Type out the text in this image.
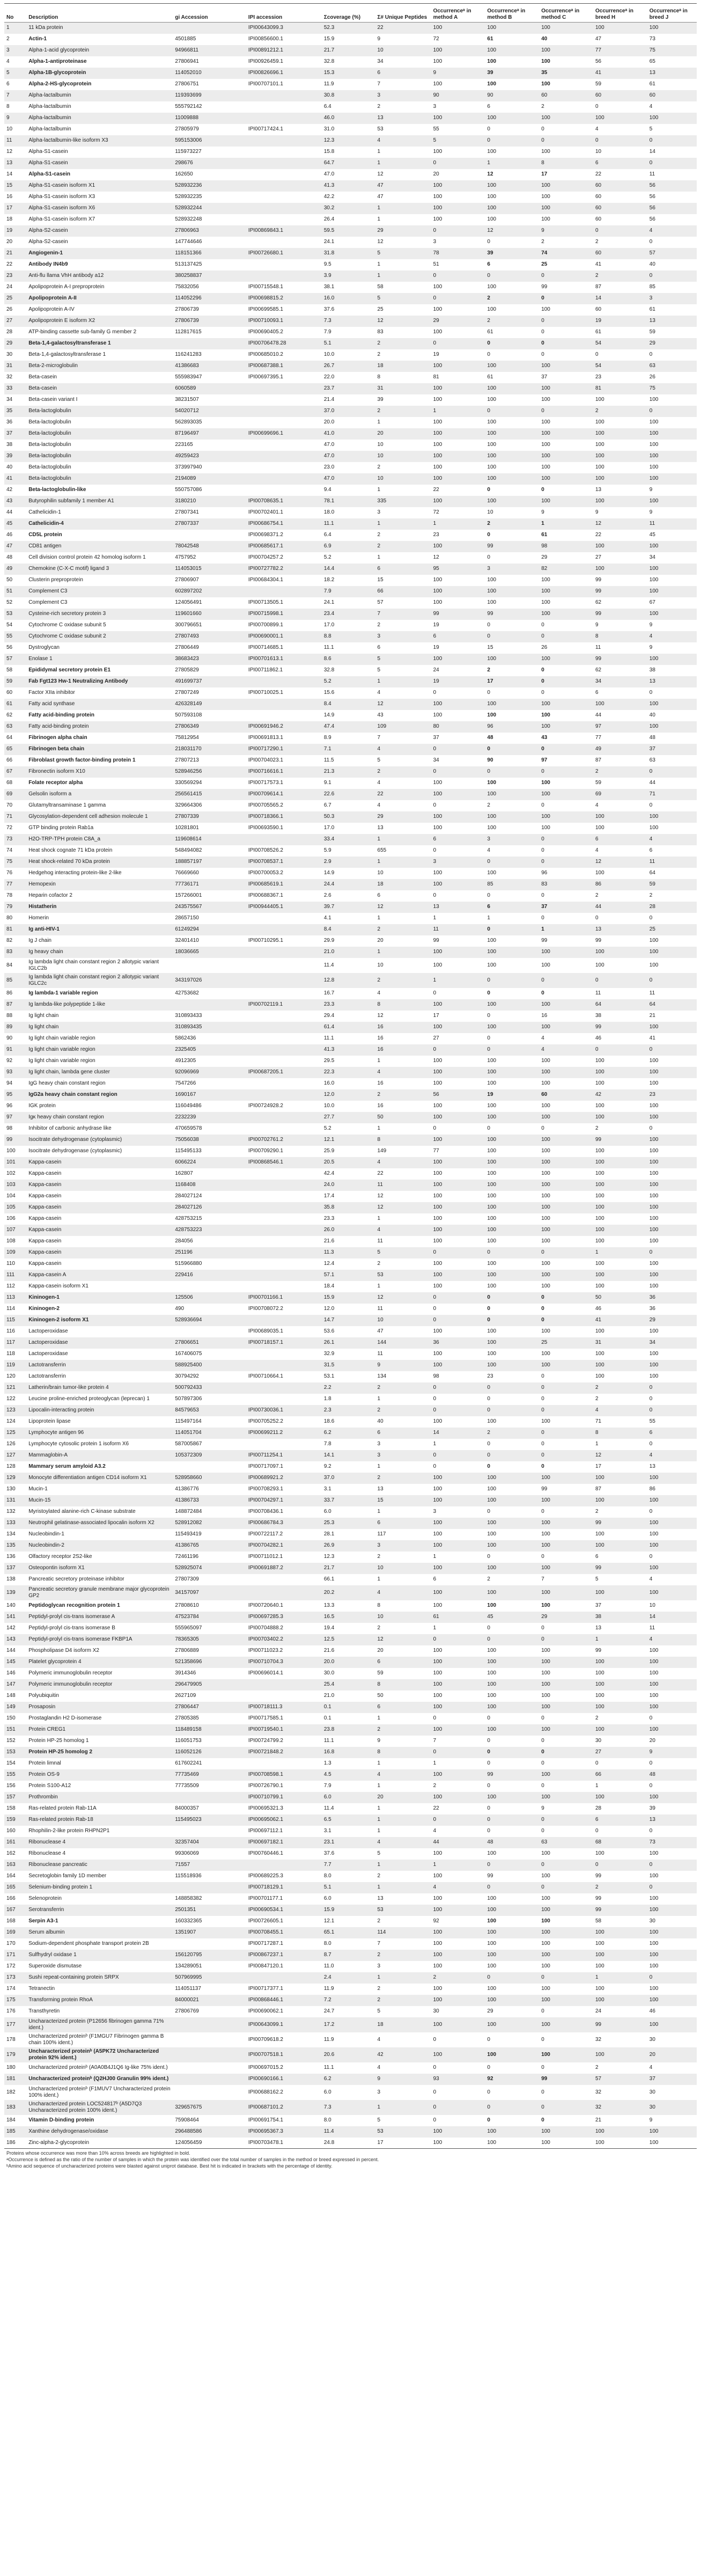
No	Description	gi Accession	IPI accession	Σcoverage (%)	Σ# Unique Peptides	Occurrenceᵃ in method A	Occurrenceᵃ in method B	Occurrenceᵃ in method C	Occurrenceᵃ in breed H	Occurrenceᵃ in breed J
1	11 kDa protein		IPI00643099.3	52.3	22	100	100	100	100	100
2	Actin-1	4501885	IPI00856600.1	15.9	9	72	61	40	47	73
3	Alpha-1-acid glycoprotein	94966811	IPI00891212.1	21.7	10	100	100	100	77	75
4	Alpha-1-antiproteinase	27806941	IPI00926459.1	32.8	34	100	100	100	56	65
5	Alpha-1B-glycoprotein	114052010	IPI00826696.1	15.3	6	9	39	35	41	13
6	Alpha-2-HS-glycoprotein	27806751	IPI00707101.1	11.9	7	100	100	100	59	61
7	Alpha-lactalbumin	119393699		30.8	3	90	90	60	60	60
8	Alpha-lactalbumin	555792142		6.4	2	3	6	2	0	4
9	Alpha-lactalbumin	11009888		46.0	13	100	100	100	100	100
10	Alpha-lactalbumin	27805979	IPI00717424.1	31.0	53	55	0	0	4	5
11	Alpha-lactalbumin-like isoform X3	595153006		12.3	4	5	0	0	0	0
12	Alpha-S1-casein	115973227		15.8	1	100	100	100	10	14
13	Alpha-S1-casein	298676		64.7	1	0	1	8	6	0
14	Alpha-S1-casein	162650		47.0	12	20	12	17	22	11
15	Alpha-S1-casein isoform X1	528932236		41.3	47	100	100	100	60	56
16	Alpha-S1-casein isoform X3	528932235		42.2	47	100	100	100	60	56
17	Alpha-S1-casein isoform X6	528932244		30.2	1	100	100	100	60	56
18	Alpha-S1-casein isoform X7	528932248		26.4	1	100	100	100	60	56
19	Alpha-S2-casein	27806963	IPI00869843.1	59.5	29	0	12	9	0	4
20	Alpha-S2-casein	147744646		24.1	12	3	0	2	2	0
21	Angiogenin-1	118151366	IPI00726680.1	31.8	5	78	39	74	60	57
22	Antibody IN4b9	513137425		9.5	1	51	6	25	41	40
23	Anti-flu llama VhH antibody a12	380258837		3.9	1	0	0	0	2	0
24	Apolipoprotein A-I preproprotein	75832056	IPI00715548.1	38.1	58	100	100	99	87	85
25	Apolipoprotein A-II	114052296	IPI00698815.2	16.0	5	0	2	0	14	3
26	Apolipoprotein A-IV	27806739	IPI00699585.1	37.6	25	100	100	100	60	61
27	Apolipoprotein E isoform X2	27806739	IPI00710093.1	7.3	12	29	2	0	19	13
28	ATP-binding cassette sub-family G member 2	112817615	IPI00690405.2	7.9	83	100	61	0	61	59
29	Beta-1,4-galactosyltransferase 1		IPI00706478.28	5.1	2	0	0	0	54	29
30	Beta-1,4-galactosyltransferase 1	116241283	IPI00685010.2	10.0	2	19	0	0	0	0
31	Beta-2-microglobulin	41386683	IPI00687388.1	26.7	18	100	100	100	54	63
32	Beta-casein	555983947	IPI00697395.1	22.0	8	81	61	37	23	26
33	Beta-casein	6060589		23.7	31	100	100	100	81	75
34	Beta-casein variant I	38231507		21.4	39	100	100	100	100	100
35	Beta-lactoglobulin	54020712		37.0	2	1	0	0	2	0
36	Beta-lactoglobulin	562893035		20.0	1	100	100	100	100	100
37	Beta-lactoglobulin	87196497	IPI00699696.1	41.0	20	100	100	100	100	100
38	Beta-lactoglobulin	223165		47.0	10	100	100	100	100	100
39	Beta-lactoglobulin	49259423		47.0	10	100	100	100	100	100
40	Beta-lactoglobulin	373997940		23.0	2	100	100	100	100	100
41	Beta-lactoglobulin	2194089		47.0	10	100	100	100	100	100
42	Beta-lactoglobulin-like	550757086		9.4	1	22	0	0	13	9
43	Butyrophilin subfamily 1 member A1	3180210	IPI00708635.1	78.1	335	100	100	100	100	100
44	Cathelicidin-1	27807341	IPI00702401.1	18.0	3	72	10	9	9	9
45	Cathelicidin-4	27807337	IPI00686754.1	11.1	1	1	2	1	12	11
46	CD5L protein		IPI00698371.2	6.4	2	23	0	61	22	45
47	CD81 antigen	78042548	IPI00685617.1	6.9	2	100	99	98	100	100
48	Cell division control protein 42 homolog isoform 1	4757952	IPI00704257.2	5.2	1	12	0	29	27	34
49	Chemokine (C-X-C motif) ligand 3	114053015	IPI00727782.2	14.4	6	95	3	82	100	100
50	Clusterin preproprotein	27806907	IPI00684304.1	18.2	15	100	100	100	99	100
51	Complement C3	602897202		7.9	66	100	100	100	99	100
52	Complement C3	124056491	IPI00713505.1	24.1	57	100	100	100	62	67
53	Cysteine-rich secretory protein 3	119601660	IPI00715998.1	23.4	7	99	99	100	99	100
54	Cytochrome C oxidase subunit 5	300796651	IPI00700899.1	17.0	2	19	0	0	9	9
55	Cytochrome C oxidase subunit 2	27807493	IPI00690001.1	8.8	3	6	0	0	8	4
56	Dystroglycan	27806449	IPI00714685.1	11.1	6	19	15	26	11	9
57	Enolase 1	38683423	IPI00701613.1	8.6	5	100	100	100	99	100
58	Epididymal secretory protein E1	27805829	IPI00711862.1	32.8	5	24	2	0	62	38
59	Fab Fgt123 Hw-1 Neutralizing Antibody	491699737		5.2	1	19	17	0	34	13
60	Factor XIIa inhibitor	27807249	IPI00710025.1	15.6	4	0	0	0	6	0
61	Fatty acid synthase	426328149		8.4	12	100	100	100	100	100
62	Fatty acid-binding protein	507593108		14.9	43	100	100	100	44	40
63	Fatty acid-binding protein	27806349	IPI00691946.2	47.4	109	80	96	100	97	100
64	Fibrinogen alpha chain	75812954	IPI00691813.1	8.9	7	37	48	43	77	48
65	Fibrinogen beta chain	218031170	IPI00717290.1	7.1	4	0	0	0	49	37
66	Fibroblast growth factor-binding protein 1	27807213	IPI00704023.1	11.5	5	34	90	97	87	63
67	Fibronectin isoform X10	528946256	IPI00716616.1	21.3	2	0	0	0	2	0
68	Folate receptor alpha	330569294	IPI00717573.1	9.1	4	100	100	100	59	44
69	Gelsolin isoform a	256561415	IPI00709614.1	22.6	22	100	100	100	69	71
70	Glutamyltransaminase 1 gamma	329664306	IPI00705565.2	6.7	4	0	2	0	4	0
71	Glycosylation-dependent cell adhesion molecule 1	27807339	IPI00718366.1	50.3	29	100	100	100	100	100
72	GTP binding protein Rab1a	10281801	IPI00693590.1	17.0	13	100	100	100	100	100
73	H2O-TRP-TPH protein C8A_a	119608614		33.4	1	6	3	0	6	4
74	Heat shock cognate 71 kDa protein	548494082	IPI00708526.2	5.9	655	0	4	0	4	6
75	Heat shock-related 70 kDa protein	188857197	IPI00708537.1	2.9	1	3	0	0	12	11
76	Hedgehog interacting protein-like 2-like	76669660	IPI00700053.2	14.9	10	100	100	96	100	64
77	Hemopexin	77736171	IPI00685619.1	24.4	18	100	85	83	86	59
78	Heparin cofactor 2	157266001	IPI00688367.1	2.6	6	0	0	0	2	2
79	Histatherin	243575567	IPI00944405.1	39.7	12	13	6	37	44	28
80	Homerin	28657150		4.1	1	1	1	0	0	0
81	Ig anti-HIV-1	61249294		8.4	2	11	0	1	13	25
82	Ig J chain	32401410	IPI00710295.1	29.9	20	99	100	99	99	100
83	Ig heavy chain	18036665		21.0	1	100	100	100	100	100
84	Ig lambda light chain constant region 2 allotypic variant IGLC2b			11.4	10	100	100	100	100	100
85	Ig lambda light chain constant region 2 allotypic variant IGLC2c	343197026		12.8	2	1	0	0	0	0
86	Ig lambda-1 variable region	42753682		16.7	4	0	0	0	11	11
87	Ig lambda-like polypeptide 1-like		IPI00702119.1	23.3	8	100	100	100	64	64
88	Ig light chain	310893433		29.4	12	17	0	16	38	21
89	Ig light chain	310893435		61.4	16	100	100	100	99	100
90	Ig light chain variable region	5862436		11.1	16	27	0	4	46	41
91	Ig light chain variable region	2325405		41.3	16	0	0	4	0	0
92	Ig light chain variable region	4912305		29.5	1	100	100	100	100	100
93	Ig light chain, lambda gene cluster	92096969	IPI00687205.1	22.3	4	100	100	100	100	100
94	IgG heavy chain constant region	7547266		16.0	16	100	100	100	100	100
95	IgG2a heavy chain constant region	1690167		12.0	2	56	19	60	42	23
96	IGK protein	116049486	IPI00724928.2	10.0	16	100	100	100	100	100
97	Igκ heavy chain constant region	2232239		27.7	50	100	100	100	100	100
98	Inhibitor of carbonic anhydrase like	470659578		5.2	1	0	0	0	2	0
99	Isocitrate dehydrogenase (cytoplasmic)	75056038	IPI00702761.2	12.1	8	100	100	100	99	100
100	Isocitrate dehydrogenase (cytoplasmic)	115495133	IPI00709290.1	25.9	149	77	100	100	100	100
101	Kappa-casein	6066224	IPI00868546.1	20.5	4	100	100	100	100	100
102	Kappa-casein	162807		42.4	22	100	100	100	100	100
103	Kappa-casein	1168408		24.0	11	100	100	100	100	100
104	Kappa-casein	284027124		17.4	12	100	100	100	100	100
105	Kappa-casein	284027126		35.8	12	100	100	100	100	100
106	Kappa-casein	428753215		23.3	1	100	100	100	100	100
107	Kappa-casein	428753223		26.0	4	100	100	100	100	100
108	Kappa-casein	284056		21.6	11	100	100	100	100	100
109	Kappa-casein	251196		11.3	5	0	0	0	1	0
110	Kappa-casein	515966880		12.4	2	100	100	100	100	100
111	Kappa-casein A	229416		57.1	53	100	100	100	100	100
112	Kappa-casein isoform X1			18.4	1	100	100	100	100	100
113	Kininogen-1	125506	IPI00701166.1	15.9	12	0	0	0	50	36
114	Kininogen-2	490	IPI00708072.2	12.0	11	0	0	0	46	36
115	Kininogen-2 isoform X1	528936694		14.7	10	0	0	0	41	29
116	Lactoperoxidase		IPI00689035.1	53.6	47	100	100	100	100	100
117	Lactoperoxidase	27806651	IPI00718157.1	26.1	144	36	100	25	31	34
118	Lactoperoxidase	167406075		32.9	11	100	100	100	100	100
119	Lactotransferrin	588925400		31.5	9	100	100	100	100	100
120	Lactotransferrin	30794292	IPI00710664.1	53.1	134	98	23	0	100	100
121	Latherin/brain tumor-like protein 4	500792433		2.2	2	0	0	0	2	0
122	Leucine proline-enriched proteoglycan (leprecan) 1	507897306		1.8	1	0	0	0	2	0
123	Lipocalin-interacting protein	84579653	IPI00730036.1	2.3	2	0	0	0	4	0
124	Lipoprotein lipase	115497164	IPI00705252.2	18.6	40	100	100	100	71	55
125	Lymphocyte antigen 96	114051704	IPI00699211.2	6.2	6	14	2	0	8	6
126	Lymphocyte cytosolic protein 1 isoform X6	587005867		7.8	3	1	0	0	1	0
127	Mammaglobin-A	105372309	IPI00711254.1	14.1	3	0	0	0	12	4
128	Mammary serum amyloid A3.2		IPI00717097.1	9.2	1	0	0	0	17	13
129	Monocyte differentiation antigen CD14 isoform X1	528958660	IPI00689921.2	37.0	2	100	100	100	100	100
130	Mucin-1	41386776	IPI00708293.1	3.1	13	100	100	99	87	86
131	Mucin-15	41386733	IPI00704297.1	33.7	15	100	100	100	100	100
132	Myristoylated alanine-rich C-kinase substrate	148872484	IPI00708436.1	6.0	1	3	0	0	2	0
133	Neutrophil gelatinase-associated lipocalin isoform X2	528912082	IPI00686784.3	25.3	6	100	100	100	99	100
134	Nucleobindin-1	115493419	IPI00722117.2	28.1	117	100	100	100	100	100
135	Nucleobindin-2	41386765	IPI00704282.1	26.9	3	100	100	100	100	100
136	Olfactory receptor 2S2-like	72461196	IPI00711012.1	12.3	2	1	0	0	6	0
137	Osteopontin isoform X1	528925074	IPI00691887.2	21.7	10	100	100	100	99	100
138	Pancreatic secretory proteinase inhibitor	27807309		66.1	1	6	2	7	5	4
139	Pancreatic secretory granule membrane major glycoprotein GP2	34157097		20.2	4	100	100	100	100	100
140	Peptidoglycan recognition protein 1	27808610	IPI00720640.1	13.3	8	100	100	100	37	10
141	Peptidyl-prolyl cis-trans isomerase A	47523784	IPI00697285.3	16.5	10	61	45	29	38	14
142	Peptidyl-prolyl cis-trans isomerase B	555965097	IPI00704888.2	19.4	2	1	0	0	13	11
143	Peptidyl-prolyl cis-trans isomerase FKBP1A	78365305	IPI00703402.2	12.5	12	0	0	0	1	4
144	Phospholipase D4 isoform X2	27806889	IPI00711023.2	21.6	20	100	100	100	99	100
145	Platelet glycoprotein 4	521358696	IPI00710704.3	20.0	6	100	100	100	100	100
146	Polymeric immunoglobulin receptor	3914346	IPI00696014.1	30.0	59	100	100	100	100	100
147	Polymeric immunoglobulin receptor	296479905		25.4	8	100	100	100	100	100
148	Polyubiquitin	2627109		21.0	50	100	100	100	100	100
149	Prosaposin	27806447	IPI00718111.3	0.1	6	100	100	100	100	100
150	Prostaglandin H2 D-isomerase	27805385	IPI00717585.1	0.1	1	0	0	0	2	0
151	Protein CREG1	118489158	IPI00719540.1	23.8	2	100	100	100	100	100
152	Protein HP-25 homolog 1	116051753	IPI00724799.2	11.1	9	7	0	0	30	20
153	Protein HP-25 homolog 2	116052126	IPI00721848.2	16.8	8	0	0	0	27	9
154	Protein limnal	617602241		1.3	1	1	0	0	0	0
155	Protein OS-9	77735469	IPI00708598.1	4.5	4	100	99	100	66	48
156	Protein S100-A12	77735509	IPI00726790.1	7.9	1	2	0	0	1	0
157	Prothrombin		IPI00710799.1	6.0	20	100	100	100	100	100
158	Ras-related protein Rab-11A	84000357	IPI00695321.3	11.4	1	22	0	9	28	39
159	Ras-related protein Rab-18	115495023	IPI00695062.1	6.5	1	0	0	0	6	13
160	Rhophilin-2-like protein RHPN2P1		IPI00697112.1	3.1	1	4	0	0	0	0
161	Ribonuclease 4	32357404	IPI00697182.1	23.1	4	44	48	63	68	73
162	Ribonuclease 4	99306069	IPI00760446.1	37.6	5	100	100	100	100	100
163	Ribonuclease pancreatic	71557		7.7	1	1	0	0	0	0
164	Secretoglobin family 1D member	115518936	IPI00689225.3	8.0	2	100	99	100	99	100
165	Selenium-binding protein 1		IPI00718129.1	5.1	1	4	0	0	2	0
166	Selenoprotein	148858382	IPI00701177.1	6.0	13	100	100	100	99	100
167	Serotransferrin	2501351	IPI00690534.1	15.9	53	100	100	100	99	100
168	Serpin A3-1	160332365	IPI00726605.1	12.1	2	92	100	100	58	30
169	Serum albumin	1351907	IPI00708455.1	65.1	114	100	100	100	100	100
170	Sodium-dependent phosphate transport protein 2B		IPI00717287.1	8.0	7	100	100	100	100	100
171	Sulfhydryl oxidase 1	156120795	IPI00867237.1	8.7	2	100	100	100	100	100
172	Superoxide dismutase	134289051	IPI00847120.1	11.0	3	100	100	100	100	100
173	Sushi repeat-containing protein SRPX	507969995		2.4	1	2	0	0	1	0
174	Tetranectin	114051137	IPI00717377.1	11.9	2	100	100	100	100	100
175	Transforming protein RhoA	84000021	IPI00868446.1	7.2	2	100	100	100	100	100
176	Transthyretin	27806769	IPI00690062.1	24.7	5	30	29	0	24	46
177	Uncharacterized protein (P12656 fibrinogen gamma 71% ident.)		IPI00643099.1	17.2	18	100	100	100	99	100
178	Uncharacterized proteinᵇ (F1MGU7 Fibrinogen gamma B chain 100% ident.)		IPI00709618.2	11.9	4	0	0	0	32	30
179	Uncharacterized proteinᵇ (A5PK72 Uncharacterized protein 92% ident.)		IPI00707518.1	20.6	42	100	100	100	100	20
180	Uncharacterized proteinᵇ (A0A0B4J1Q6 Ig-like 75% ident.)		IPI00697015.2	11.1	4	0	0	0	2	4
181	Uncharacterized proteinᵇ (Q2HJ00 Granulin 99% ident.)		IPI00690166.1	6.2	9	93	92	99	57	37
182	Uncharacterized proteinᵇ (F1MUV7 Uncharacterized protein 100% ident.)		IPI00688162.2	6.0	3	0	0	0	32	30
183	Uncharacterized protein LOC524817ᵇ (A5D7Q3 Uncharacterized protein 100% ident.)	329657675	IPI00687101.2	7.3	1	0	0	0	32	30
184	Vitamin D-binding protein	75908464	IPI00691754.1	8.0	5	0	0	0	21	9
185	Xanthine dehydrogenase/oxidase	296488586	IPI00695367.3	11.4	53	100	100	100	100	100
186	Zinc-alpha-2-glycoprotein	124056459	IPI00703478.1	24.8	17	100	100	100	100	100

Proteins whose occurrence was more than 10% across breeds are highlighted in bold.

ᵃOccurrence is defined as the ratio of the number of samples in which the protein was identified over the total number of samples in the method or breed expressed in percent.

ᵇAmino acid sequence of uncharacterized proteins were blasted against uniprot database. Best hit is indicated in brackets with the percentage of identity.
